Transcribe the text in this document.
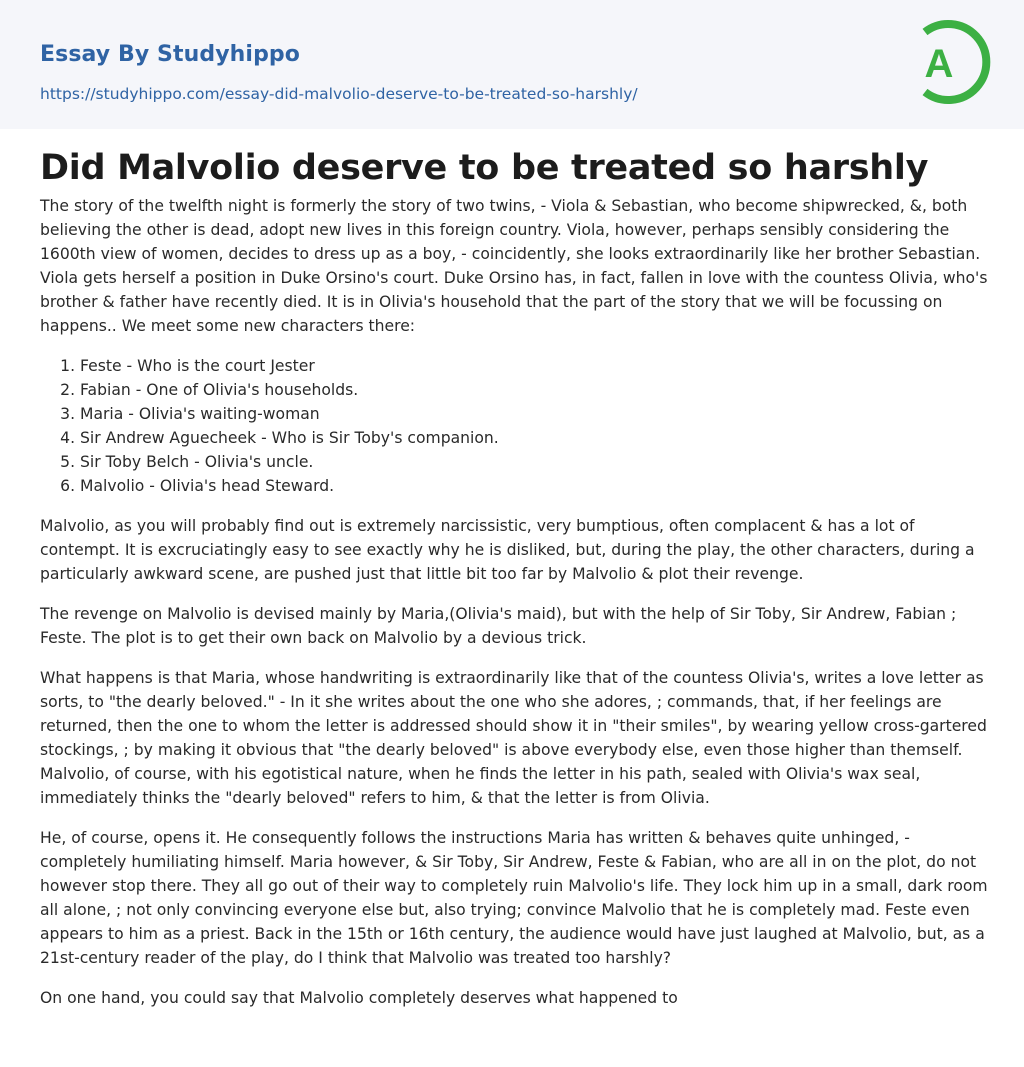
Essay By Studyhippo
https://studyhippo.com/essay-did-malvolio-deserve-to-be-treated-so-harshly/
A
Did Malvolio deserve to be treated so harshly

The story of the twelfth night is formerly the story of two twins, - Viola & Sebastian, who become shipwrecked, &, both believing the other is dead, adopt new lives in this foreign country. Viola, however, perhaps sensibly considering the 1600th view of women, decides to dress up as a boy, - coincidently, she looks extraordinarily like her brother Sebastian. Viola gets herself a position in Duke Orsino's court. Duke Orsino has, in fact, fallen in love with the countess Olivia, who's brother & father have recently died. It is in Olivia's household that the part of the story that we will be focussing on happens.. We meet some new characters there:

1. Feste - Who is the court Jester
2. Fabian - One of Olivia's households.
3. Maria - Olivia's waiting-woman
4. Sir Andrew Aguecheek - Who is Sir Toby's companion.
5. Sir Toby Belch - Olivia's uncle.
6. Malvolio - Olivia's head Steward.

Malvolio, as you will probably find out is extremely narcissistic, very bumptious, often complacent & has a lot of contempt. It is excruciatingly easy to see exactly why he is disliked, but, during the play, the other characters, during a particularly awkward scene, are pushed just that little bit too far by Malvolio & plot their revenge.

The revenge on Malvolio is devised mainly by Maria,(Olivia's maid), but with the help of Sir Toby, Sir Andrew, Fabian ; Feste. The plot is to get their own back on Malvolio by a devious trick.

What happens is that Maria, whose handwriting is extraordinarily like that of the countess Olivia's, writes a love letter as sorts, to "the dearly beloved." - In it she writes about the one who she adores, ; commands, that, if her feelings are returned, then the one to whom the letter is addressed should show it in "their smiles", by wearing yellow cross-gartered stockings, ; by making it obvious that "the dearly beloved" is above everybody else, even those higher than themself. Malvolio, of course, with his egotistical nature, when he finds the letter in his path, sealed with Olivia's wax seal, immediately thinks the "dearly beloved" refers to him, & that the letter is from Olivia.

He, of course, opens it. He consequently follows the instructions Maria has written & behaves quite unhinged, - completely humiliating himself. Maria however, & Sir Toby, Sir Andrew, Feste & Fabian, who are all in on the plot, do not however stop there. They all go out of their way to completely ruin Malvolio's life. They lock him up in a small, dark room all alone, ; not only convincing everyone else but, also trying; convince Malvolio that he is completely mad. Feste even appears to him as a priest. Back in the 15th or 16th century, the audience would have just laughed at Malvolio, but, as a 21st-century reader of the play, do I think that Malvolio was treated too harshly?

On one hand, you could say that Malvolio completely deserves what happened to
